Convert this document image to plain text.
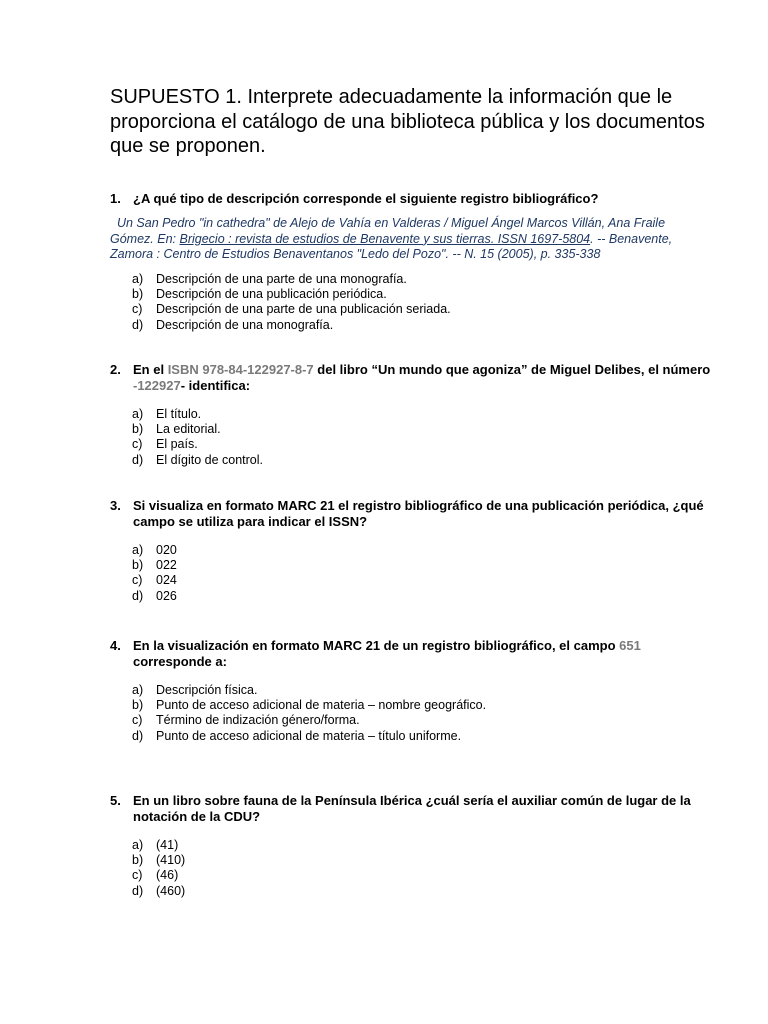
SUPUESTO 1. Interprete adecuadamente la información que le proporciona el catálogo de una biblioteca pública y los documentos que se proponen.
1. ¿A qué tipo de descripción corresponde el siguiente registro bibliográfico?
Un San Pedro "in cathedra" de Alejo de Vahía en Valderas / Miguel Ángel Marcos Villán, Ana Fraile Gómez. En: Brigecio : revista de estudios de Benavente y sus tierras. ISSN 1697-5804. -- Benavente, Zamora : Centro de Estudios Benaventanos "Ledo del Pozo". -- N. 15 (2005), p. 335-338
a) Descripción de una parte de una monografía.
b) Descripción de una publicación periódica.
c) Descripción de una parte de una publicación seriada.
d) Descripción de una monografía.
2. En el ISBN 978-84-122927-8-7 del libro “Un mundo que agoniza” de Miguel Delibes, el número -122927- identifica:
a) El título.
b) La editorial.
c) El país.
d) El dígito de control.
3. Si visualiza en formato MARC 21 el registro bibliográfico de una publicación periódica, ¿qué campo se utiliza para indicar el ISSN?
a) 020
b) 022
c) 024
d) 026
4. En la visualización en formato MARC 21 de un registro bibliográfico, el campo 651 corresponde a:
a) Descripción física.
b) Punto de acceso adicional de materia – nombre geográfico.
c) Término de indización género/forma.
d) Punto de acceso adicional de materia – título uniforme.
5. En un libro sobre fauna de la Península Ibérica ¿cuál sería el auxiliar común de lugar de la notación de la CDU?
a) (41)
b) (410)
c) (46)
d) (460)
